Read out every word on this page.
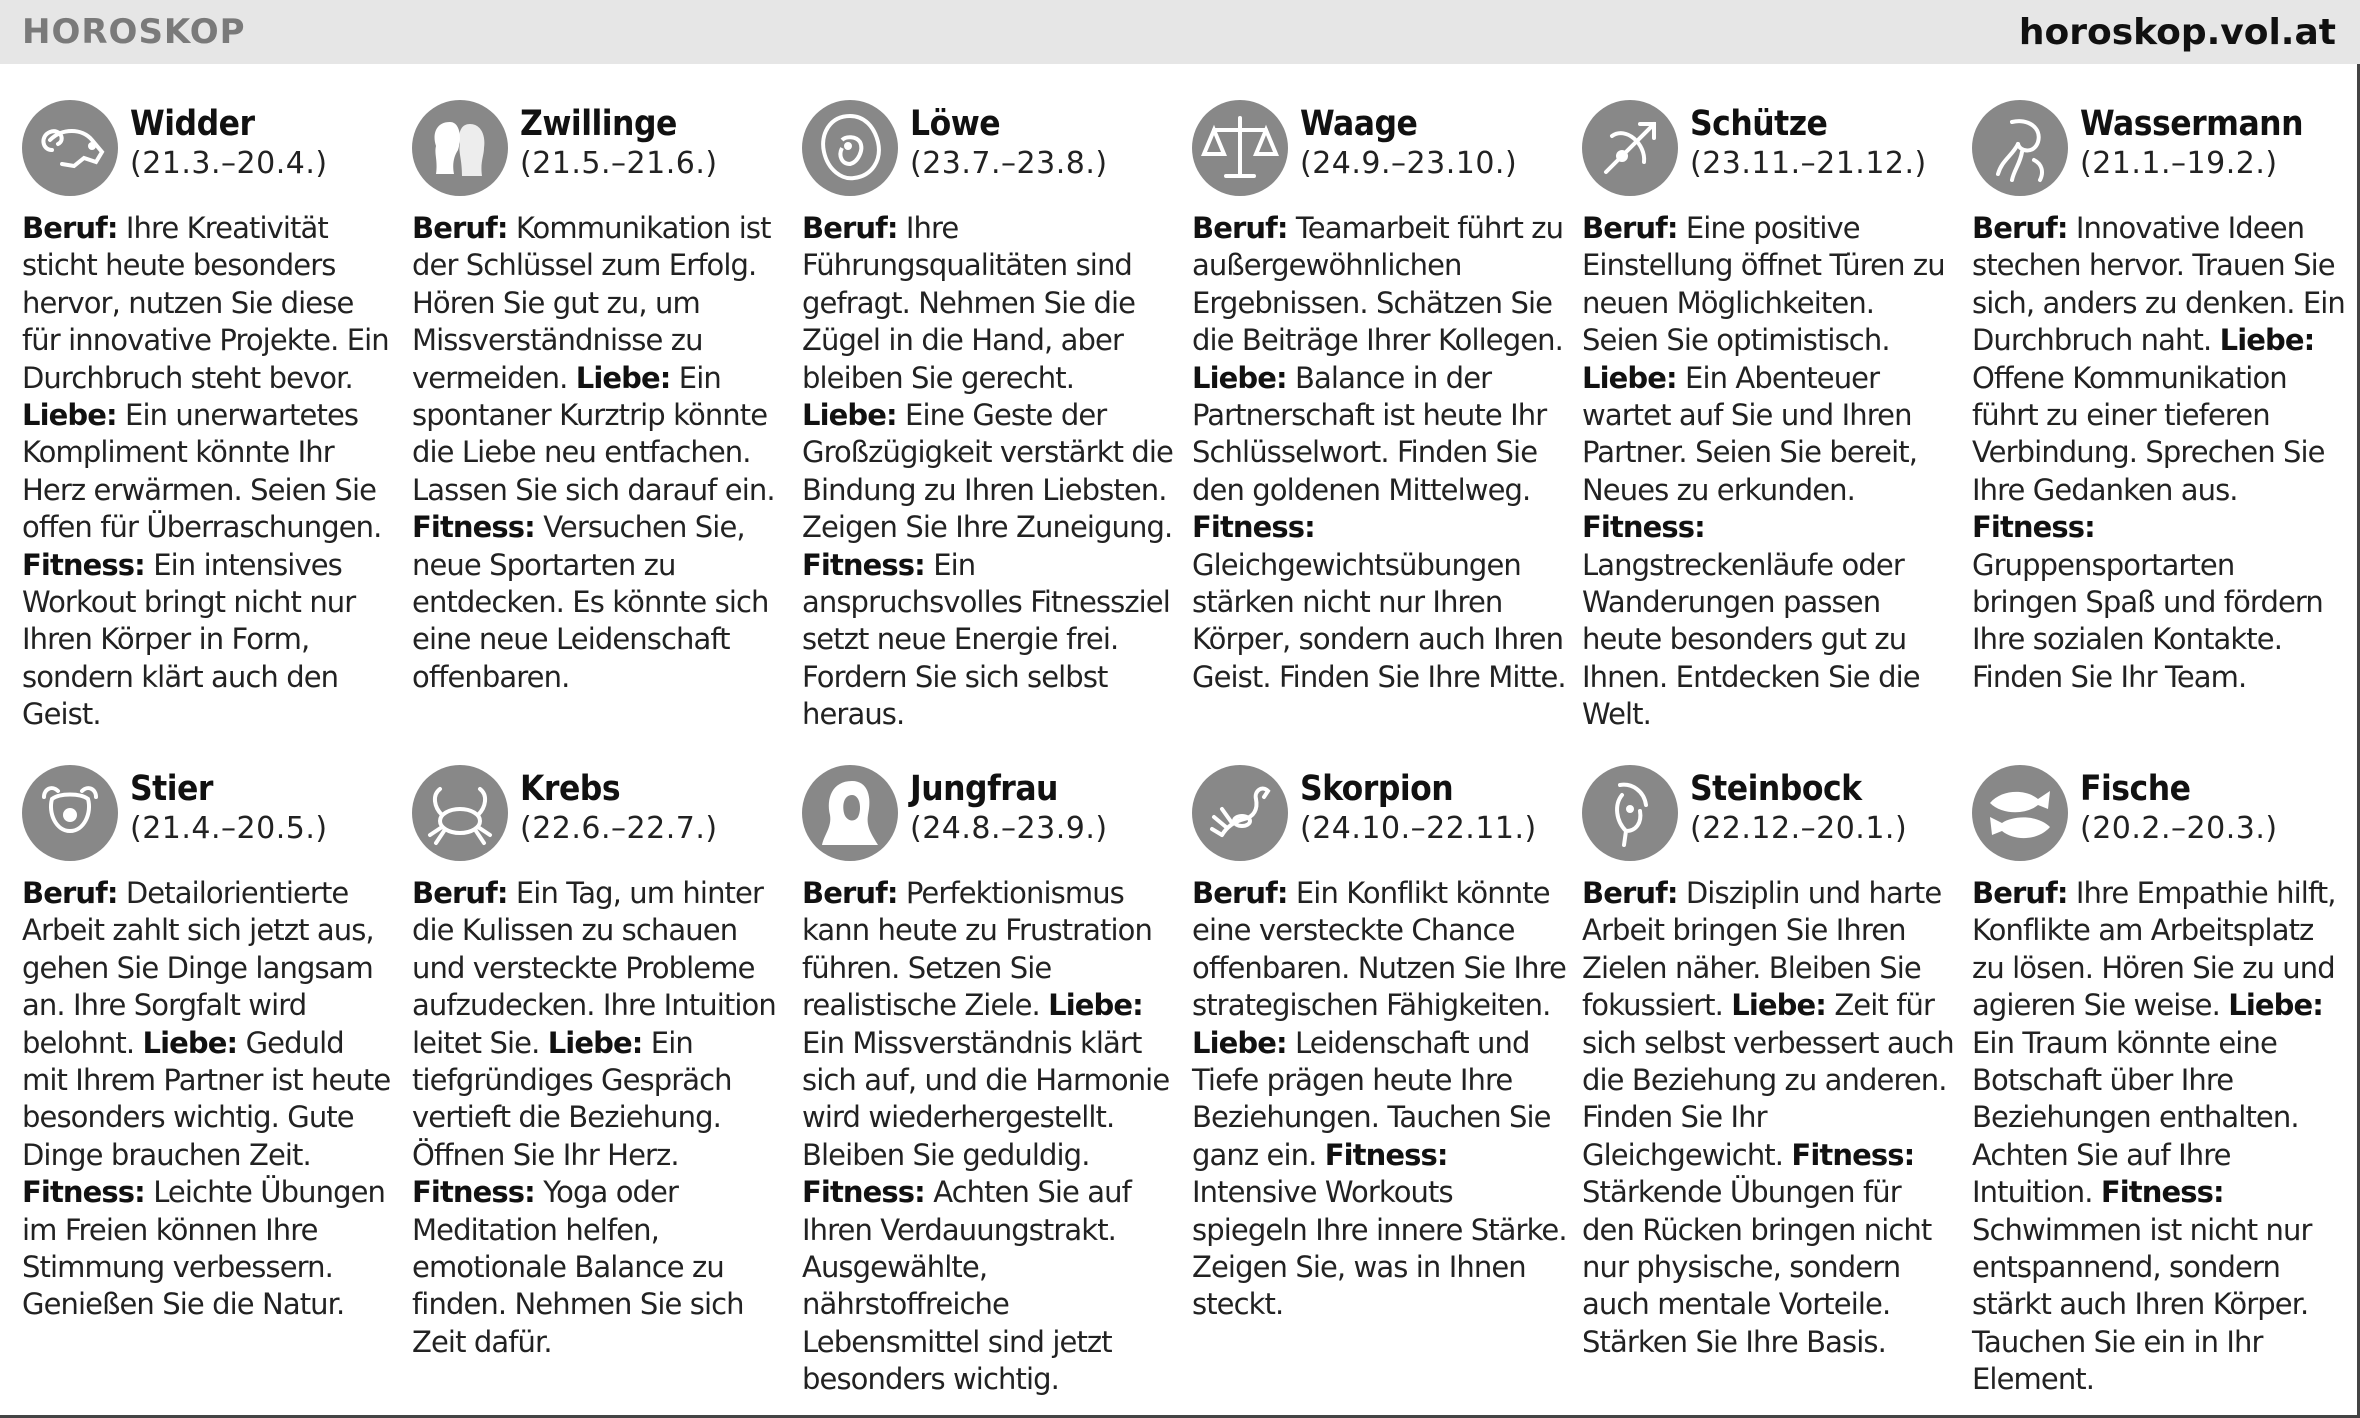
HOROSKOP	horoskop.vol.at
Widder
(21.3.–20.4.)
Beruf: Ihre Kreativität sticht heute besonders hervor, nutzen Sie diese für innovative Projekte. Ein Durchbruch steht bevor. Liebe: Ein unerwartetes Kompliment könnte Ihr Herz erwärmen. Seien Sie offen für Überraschungen. Fitness: Ein intensives Workout bringt nicht nur Ihren Körper in Form, sondern klärt auch den Geist.
Zwillinge
(21.5.–21.6.)
Beruf: Kommunikation ist der Schlüssel zum Erfolg. Hören Sie gut zu, um Missverständnisse zu vermeiden. Liebe: Ein spontaner Kurztrip könnte die Liebe neu entfachen. Lassen Sie sich darauf ein. Fitness: Versuchen Sie, neue Sportarten zu entdecken. Es könnte sich eine neue Leidenschaft offenbaren.
Löwe
(23.7.–23.8.)
Beruf: Ihre Führungsqualitäten sind gefragt. Nehmen Sie die Zügel in die Hand, aber bleiben Sie gerecht. Liebe: Eine Geste der Großzügigkeit verstärkt die Bindung zu Ihren Liebsten. Zeigen Sie Ihre Zuneigung. Fitness: Ein anspruchsvolles Fitnessziel setzt neue Energie frei. Fordern Sie sich selbst heraus.
Waage
(24.9.–23.10.)
Beruf: Teamarbeit führt zu außergewöhnlichen Ergebnissen. Schätzen Sie die Beiträge Ihrer Kollegen. Liebe: Balance in der Partnerschaft ist heute Ihr Schlüsselwort. Finden Sie den goldenen Mittelweg. Fitness: Gleichgewichtsübungen stärken nicht nur Ihren Körper, sondern auch Ihren Geist. Finden Sie Ihre Mitte.
Schütze
(23.11.–21.12.)
Beruf: Eine positive Einstellung öffnet Türen zu neuen Möglichkeiten. Seien Sie optimistisch. Liebe: Ein Abenteuer wartet auf Sie und Ihren Partner. Seien Sie bereit, Neues zu erkunden. Fitness: Langstreckenläufe oder Wanderungen passen heute besonders gut zu Ihnen. Entdecken Sie die Welt.
Wassermann
(21.1.–19.2.)
Beruf: Innovative Ideen stechen hervor. Trauen Sie sich, anders zu denken. Ein Durchbruch naht. Liebe: Offene Kommunikation führt zu einer tieferen Verbindung. Sprechen Sie Ihre Gedanken aus. Fitness: Gruppensportarten bringen Spaß und fördern Ihre sozialen Kontakte. Finden Sie Ihr Team.
Stier
(21.4.–20.5.)
Beruf: Detailorientierte Arbeit zahlt sich jetzt aus, gehen Sie Dinge langsam an. Ihre Sorgfalt wird belohnt. Liebe: Geduld mit Ihrem Partner ist heute besonders wichtig. Gute Dinge brauchen Zeit. Fitness: Leichte Übungen im Freien können Ihre Stimmung verbessern. Genießen Sie die Natur.
Krebs
(22.6.–22.7.)
Beruf: Ein Tag, um hinter die Kulissen zu schauen und versteckte Probleme aufzudecken. Ihre Intuition leitet Sie. Liebe: Ein tiefgründiges Gespräch vertieft die Beziehung. Öffnen Sie Ihr Herz. Fitness: Yoga oder Meditation helfen, emotionale Balance zu finden. Nehmen Sie sich Zeit dafür.
Jungfrau
(24.8.–23.9.)
Beruf: Perfektionismus kann heute zu Frustration führen. Setzen Sie realistische Ziele. Liebe: Ein Missverständnis klärt sich auf, und die Harmonie wird wiederhergestellt. Bleiben Sie geduldig. Fitness: Achten Sie auf Ihren Verdauungstrakt. Ausgewählte, nährstoffreiche Lebensmittel sind jetzt besonders wichtig.
Skorpion
(24.10.–22.11.)
Beruf: Ein Konflikt könnte eine versteckte Chance offenbaren. Nutzen Sie Ihre strategischen Fähigkeiten. Liebe: Leidenschaft und Tiefe prägen heute Ihre Beziehungen. Tauchen Sie ganz ein. Fitness: Intensive Workouts spiegeln Ihre innere Stärke. Zeigen Sie, was in Ihnen steckt.
Steinbock
(22.12.–20.1.)
Beruf: Disziplin und harte Arbeit bringen Sie Ihren Zielen näher. Bleiben Sie fokussiert. Liebe: Zeit für sich selbst verbessert auch die Beziehung zu anderen. Finden Sie Ihr Gleichgewicht. Fitness: Stärkende Übungen für den Rücken bringen nicht nur physische, sondern auch mentale Vorteile. Stärken Sie Ihre Basis.
Fische
(20.2.–20.3.)
Beruf: Ihre Empathie hilft, Konflikte am Arbeitsplatz zu lösen. Hören Sie zu und agieren Sie weise. Liebe: Ein Traum könnte eine Botschaft über Ihre Beziehungen enthalten. Achten Sie auf Ihre Intuition. Fitness: Schwimmen ist nicht nur entspannend, sondern stärkt auch Ihren Körper. Tauchen Sie ein in Ihr Element.
